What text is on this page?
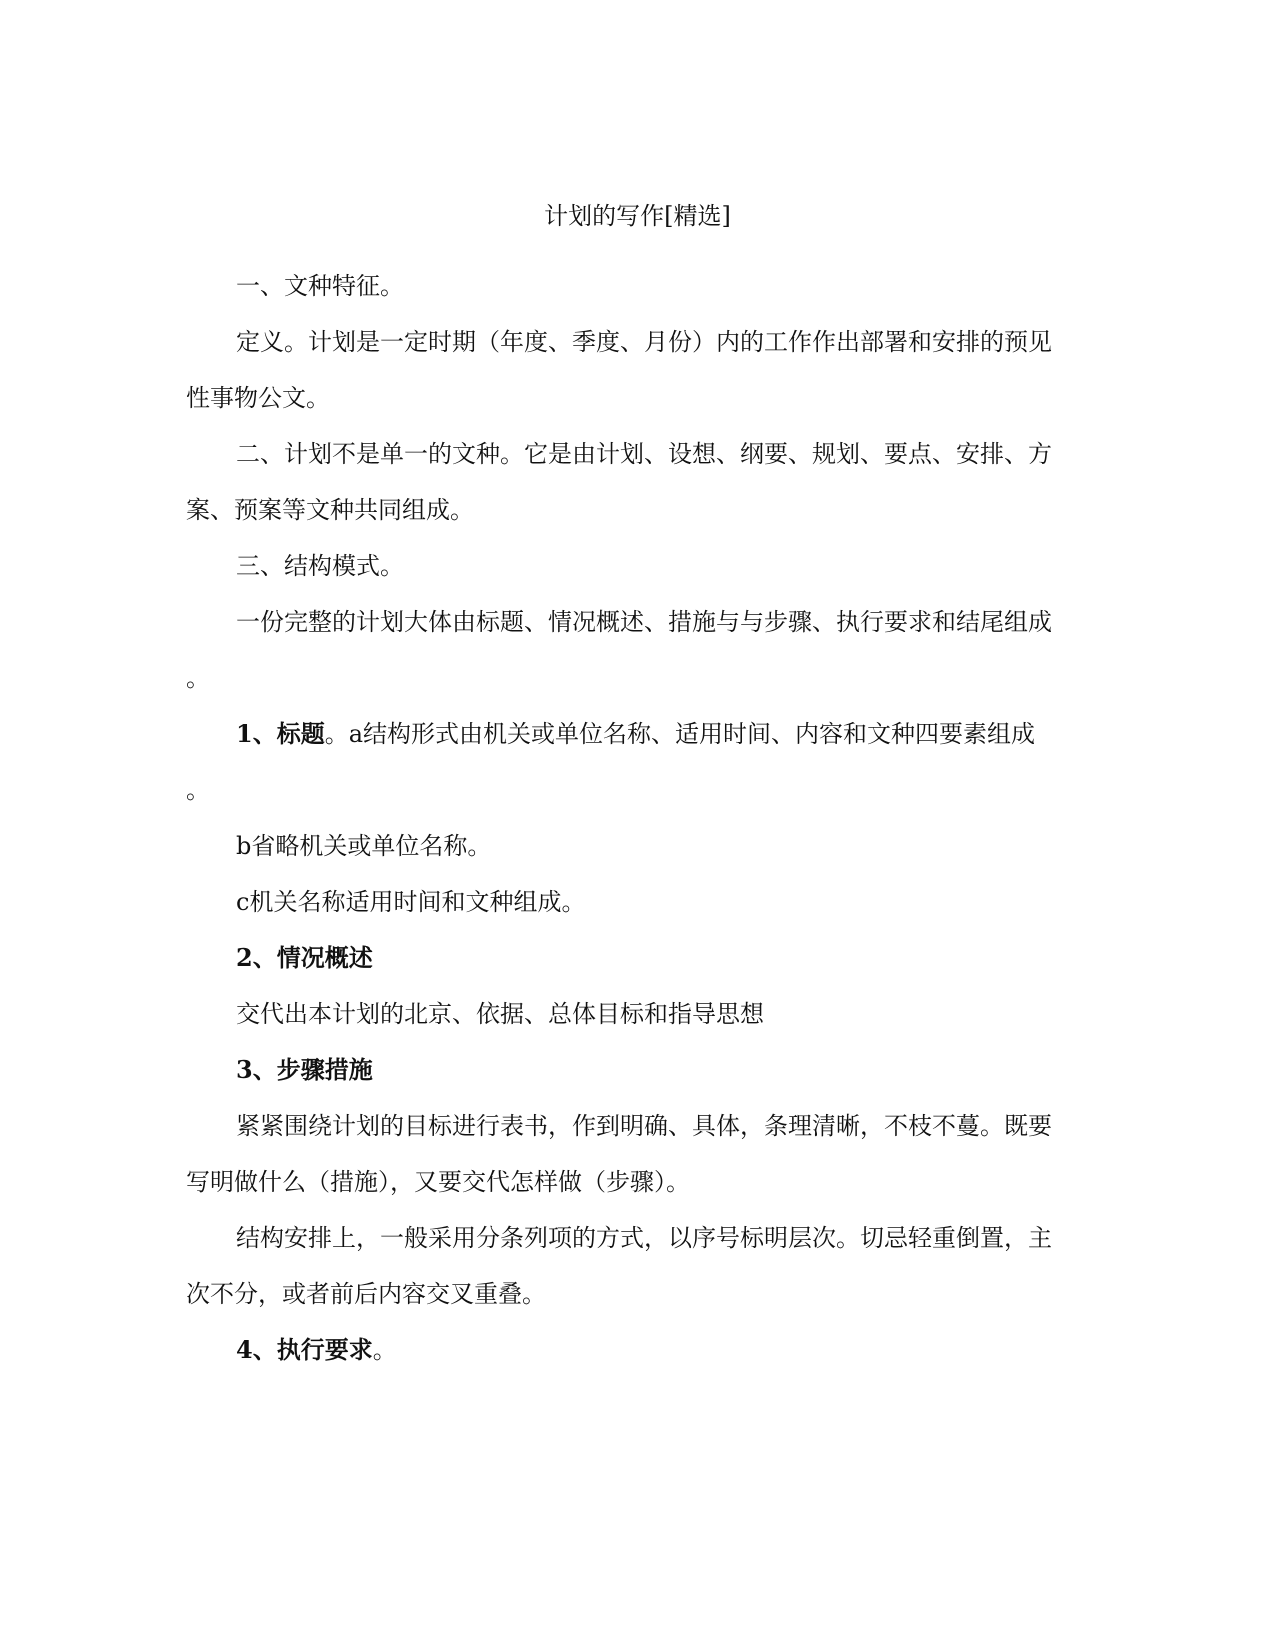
计划的写作[精选]

一、文种特征。

定义。计划是一定时期（年度、季度、月份）内的工作作出部署和安排的预见

性事物公文。

二、计划不是单一的文种。它是由计划、设想、纲要、规划、要点、安排、方

案、预案等文种共同组成。

三、结构模式。

一份完整的计划大体由标题、情况概述、措施与与步骤、执行要求和结尾组成

。

1、标题。a结构形式由机关或单位名称、适用时间、内容和文种四要素组成

。

b省略机关或单位名称。

c机关名称适用时间和文种组成。

2、情况概述

交代出本计划的北京、依据、总体目标和指导思想

3、步骤措施

紧紧围绕计划的目标进行表书，作到明确、具体，条理清晰，不枝不蔓。既要

写明做什么（措施），又要交代怎样做（步骤）。

结构安排上，一般采用分条列项的方式，以序号标明层次。切忌轻重倒置，主

次不分，或者前后内容交叉重叠。

4、执行要求。
